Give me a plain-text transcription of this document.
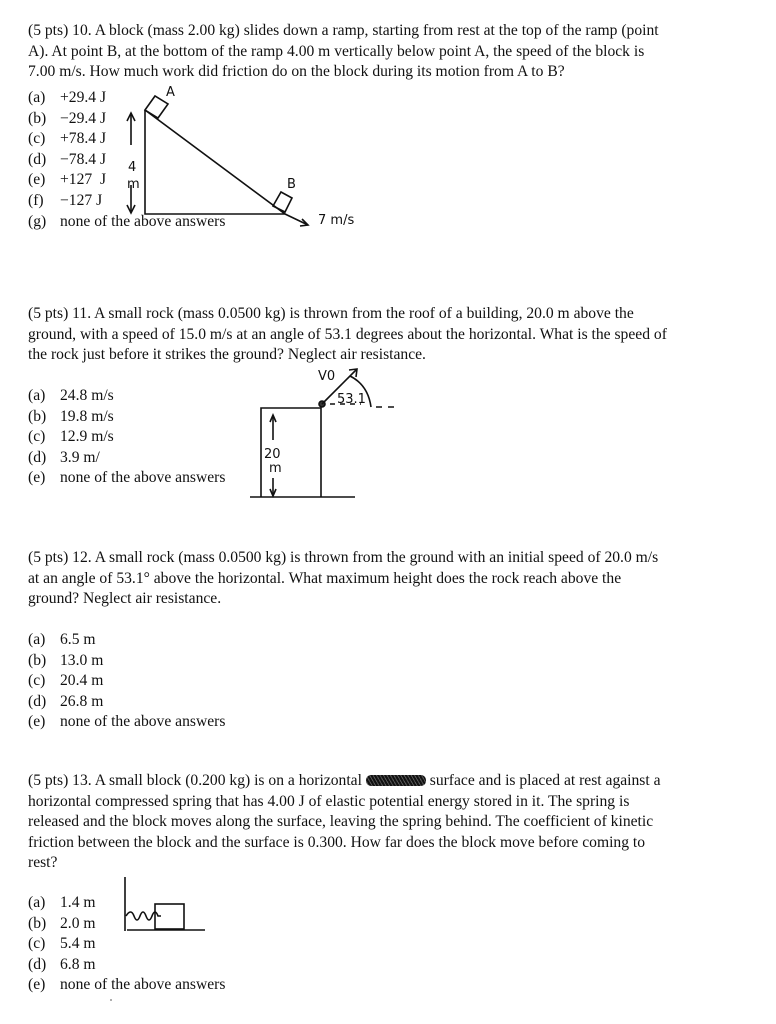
(5 pts) 10. A block (mass 2.00 kg) slides down a ramp, starting from rest at the top of the ramp (point
A). At point B, at the bottom of the ramp 4.00 m vertically below point A, the speed of the block is
7.00 m/s. How much work did friction do on the block during its motion from A to B?
(a) +29.4 J
(b) −29.4 J
(c) +78.4 J
(d) −78.4 J
(e) +127  J
(f) −127 J
(g) none of the above answers
(5 pts) 11. A small rock (mass 0.0500 kg) is thrown from the roof of a building, 20.0 m above the
ground, with a speed of 15.0 m/s at an angle of 53.1 degrees about the horizontal. What is the speed of
the rock just before it strikes the ground? Neglect air resistance.
(a) 24.8 m/s
(b) 19.8 m/s
(c) 12.9 m/s
(d) 3.9 m/
(e) none of the above answers
(5 pts) 12. A small rock (mass 0.0500 kg) is thrown from the ground with an initial speed of 20.0 m/s
at an angle of 53.1° above the horizontal. What maximum height does the rock reach above the
ground? Neglect air resistance.
(a) 6.5 m
(b) 13.0 m
(c) 20.4 m
(d) 26.8 m
(e) none of the above answers
(5 pts) 13. A small block (0.200 kg) is on a horizontal	surface and is placed at rest against a
horizontal compressed spring that has 4.00 J of elastic potential energy stored in it. The spring is
released and the block moves along the surface, leaving the spring behind. The coefficient of kinetic
friction between the block and the surface is 0.300. How far does the block move before coming to
rest?
(a) 1.4 m
(b) 2.0 m
(c) 5.4 m
(d) 6.8 m
(e) none of the above answers
A
B
4
m
7 m/s
V0
53.1
20
m
